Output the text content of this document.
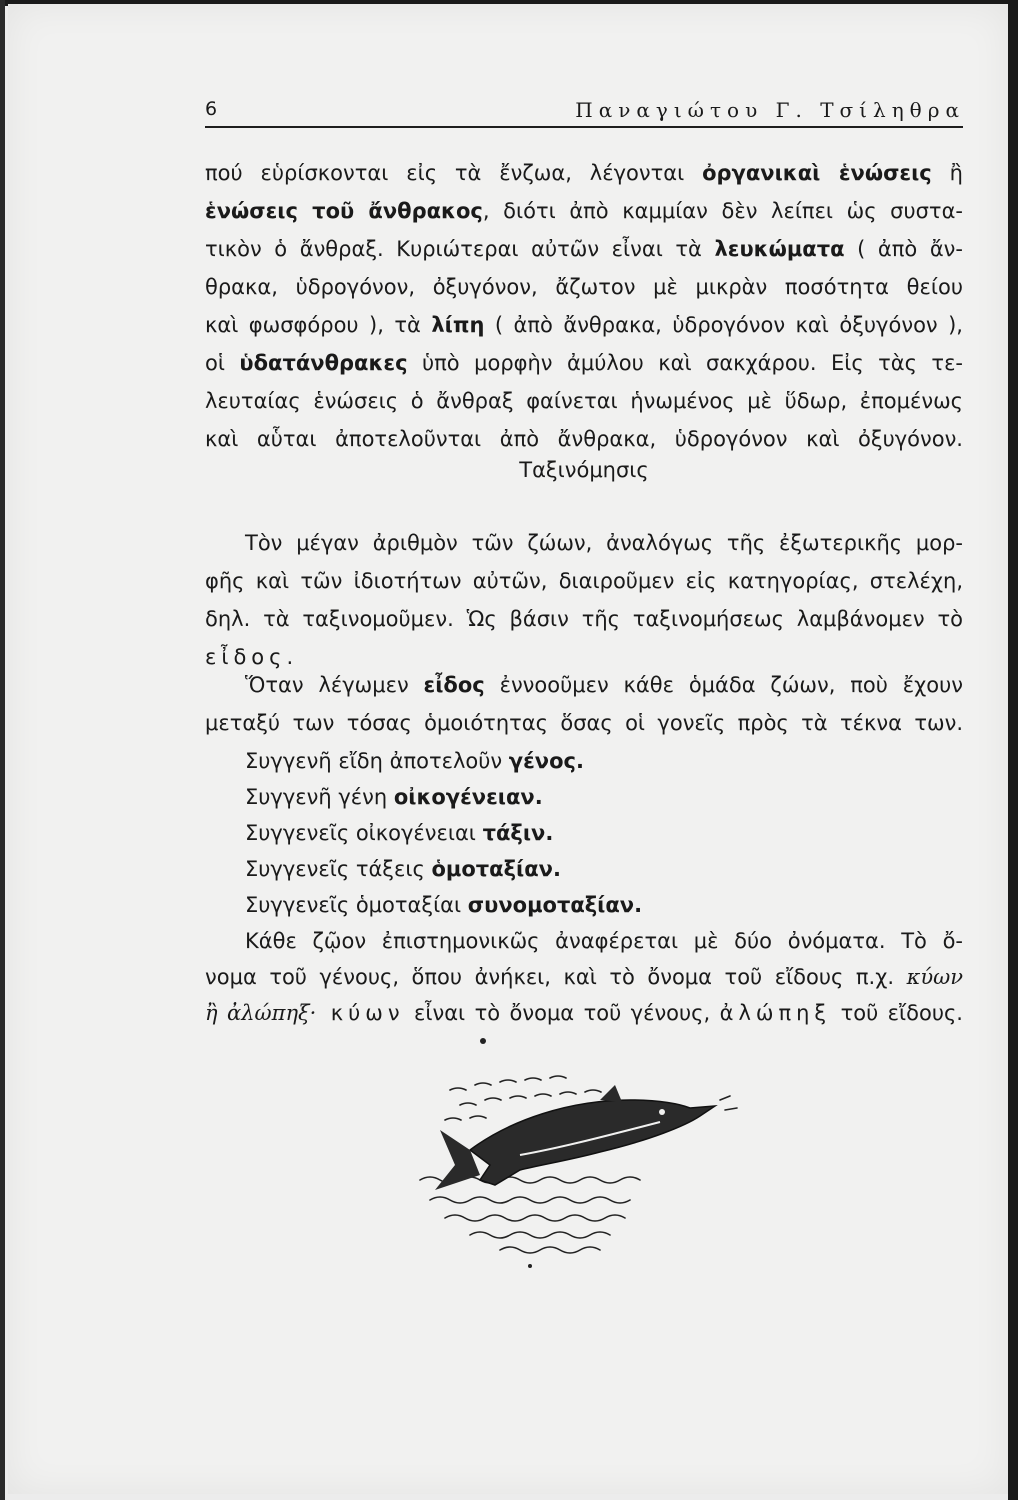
6	Παναγιώτου Γ. Τσίληθρα
πού εὑρίσκονται εἰς τὰ ἔνζωα, λέγονται ὀργανικαὶ ἑνώσεις ἢ
ἑνώσεις τοῦ ἄνθρακος, διότι ἀπὸ καμμίαν δὲν λείπει ὡς συστα-
τικὸν ὁ ἄνθραξ. Κυριώτεραι αὐτῶν εἶναι τὰ λευκώματα ( ἀπὸ ἄν-
θρακα, ὑδρογόνον, ὀξυγόνον, ἄζωτον μὲ μικρὰν ποσότητα θείου
καὶ φωσφόρου ), τὰ λίπη ( ἀπὸ ἄνθρακα, ὑδρογόνον καὶ ὀξυγόνον ),
οἱ ὑδατάνθρακες ὑπὸ μορφὴν ἀμύλου καὶ σακχάρου. Εἰς τὰς τε-
λευταίας ἑνώσεις ὁ ἄνθραξ φαίνεται ἡνωμένος μὲ ὕδωρ, ἐπομένως
καὶ αὗται ἀποτελοῦνται ἀπὸ ἄνθρακα, ὑδρογόνον καὶ ὀξυγόνον.
Τὸν μέγαν ἀριθμὸν τῶν ζώων, ἀναλόγως τῆς ἐξωτερικῆς μορ-
φῆς καὶ τῶν ἰδιοτήτων αὐτῶν, διαιροῦμεν εἰς κατηγορίας, στελέχη,
δηλ. τὰ ταξινομοῦμεν. Ὡς βάσιν τῆς ταξινομήσεως λαμβάνομεν τὸ
εἶδος.
Ὅταν λέγωμεν εἶδος ἐννοοῦμεν κάθε ὁμάδα ζώων, ποὺ ἔχουν
μεταξύ των τόσας ὁμοιότητας ὅσας οἱ γονεῖς πρὸς τὰ τέκνα των.
Συγγενῆ εἴδη ἀποτελοῦν γένος.
Συγγενῆ γένη οἰκογένειαν.
Συγγενεῖς οἰκογένειαι τάξιν.
Συγγενεῖς τάξεις ὁμοταξίαν.
Συγγενεῖς ὁμοταξίαι συνομοταξίαν.
Κάθε ζῷον ἐπιστημονικῶς ἀναφέρεται μὲ δύο ὀνόματα. Τὸ ὄ-
νομα τοῦ γένους, ὅπου ἀνήκει, καὶ τὸ ὄνομα τοῦ εἴδους π.χ. κύων
ἢ ἀλώπηξ· κύων εἶναι τὸ ὄνομα τοῦ γένους, ἀλώπηξ τοῦ εἴδους.
Ταξινόμησις
